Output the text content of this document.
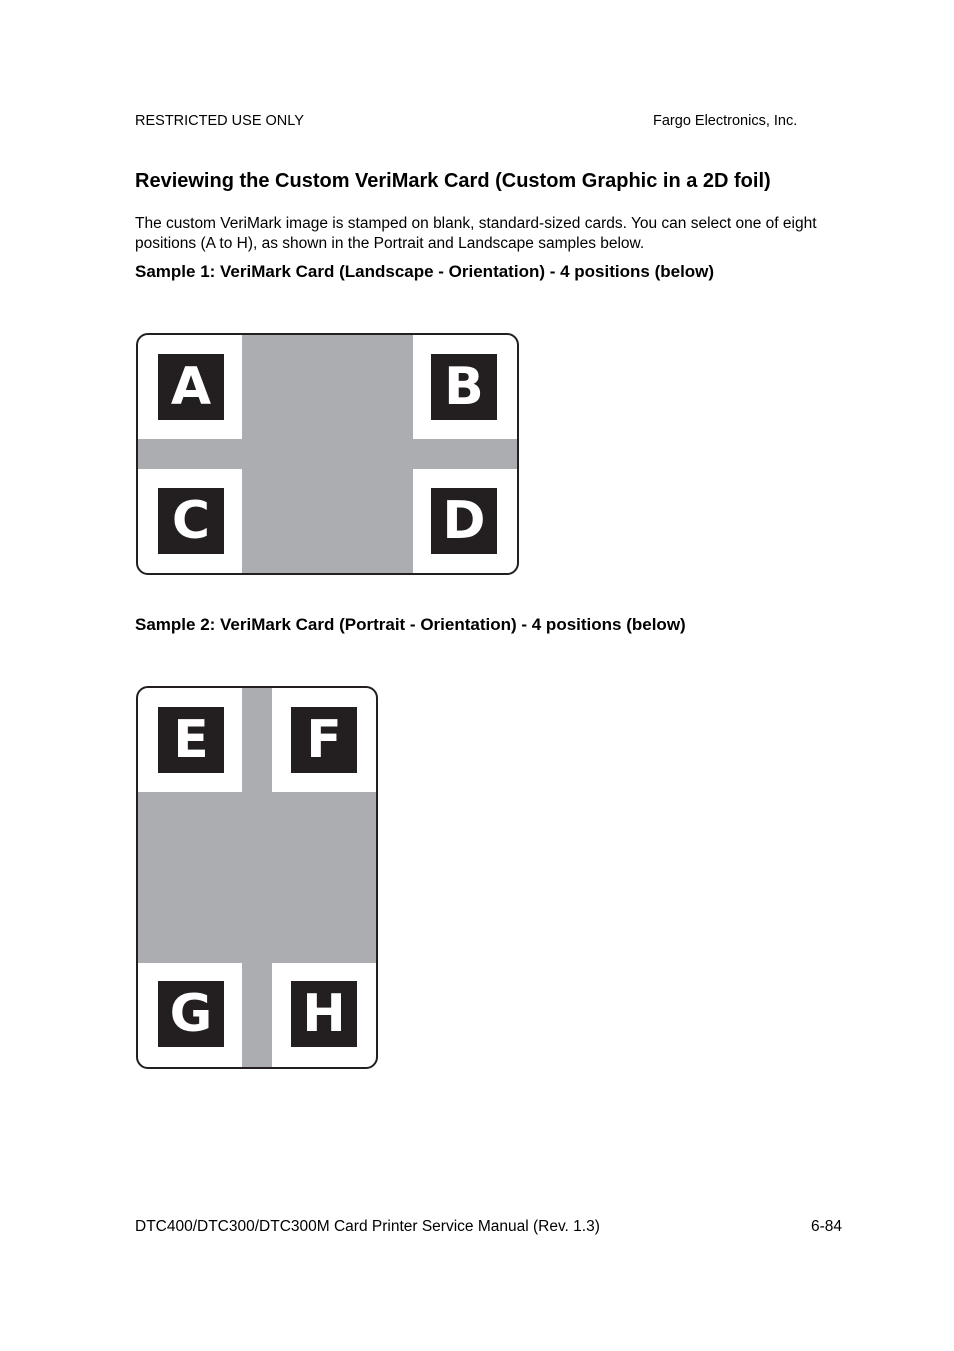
RESTRICTED USE ONLY	Fargo Electronics, Inc.
Reviewing the Custom VeriMark Card (Custom Graphic in a 2D foil)
The custom VeriMark image is stamped on blank, standard-sized cards. You can select one of eight positions (A to H), as shown in the Portrait and Landscape samples below.
Sample 1: VeriMark Card (Landscape - Orientation) - 4 positions (below)
A	B
C	D
Sample 2: VeriMark Card (Portrait - Orientation) - 4 positions (below)
E F
G H
DTC400/DTC300/DTC300M Card Printer Service Manual (Rev. 1.3)	6-84
